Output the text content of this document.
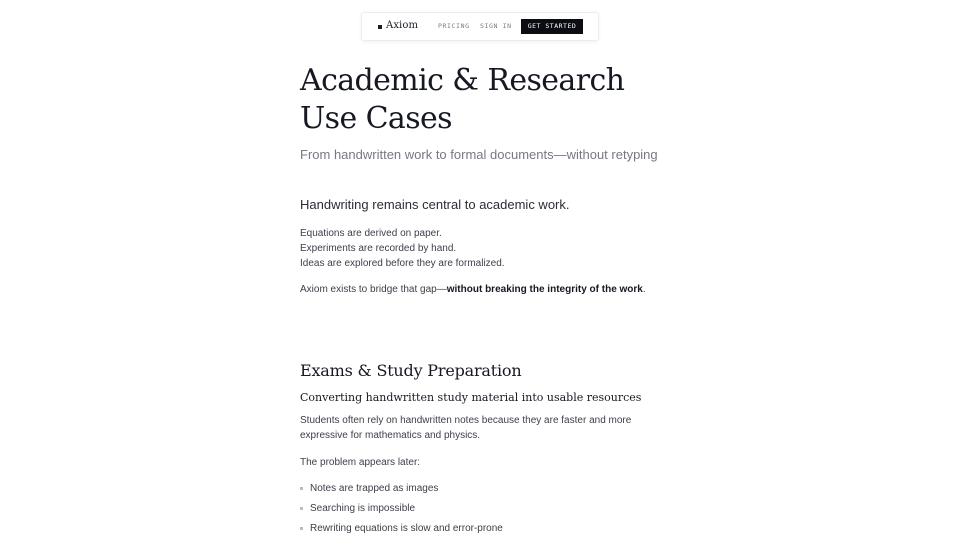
Axiom	PRICING SIGN IN	GET STARTED
Academic & Research Use Cases

From handwritten work to formal documents—without retyping

Handwriting remains central to academic work.

Equations are derived on paper.
Experiments are recorded by hand.
Ideas are explored before they are formalized.

Axiom exists to bridge that gap—without breaking the integrity of the work.

Exams & Study Preparation
Converting handwritten study material into usable resources

Students often rely on handwritten notes because they are faster and more expressive for mathematics and physics.

The problem appears later:

Notes are trapped as images
Searching is impossible
Rewriting equations is slow and error-prone
